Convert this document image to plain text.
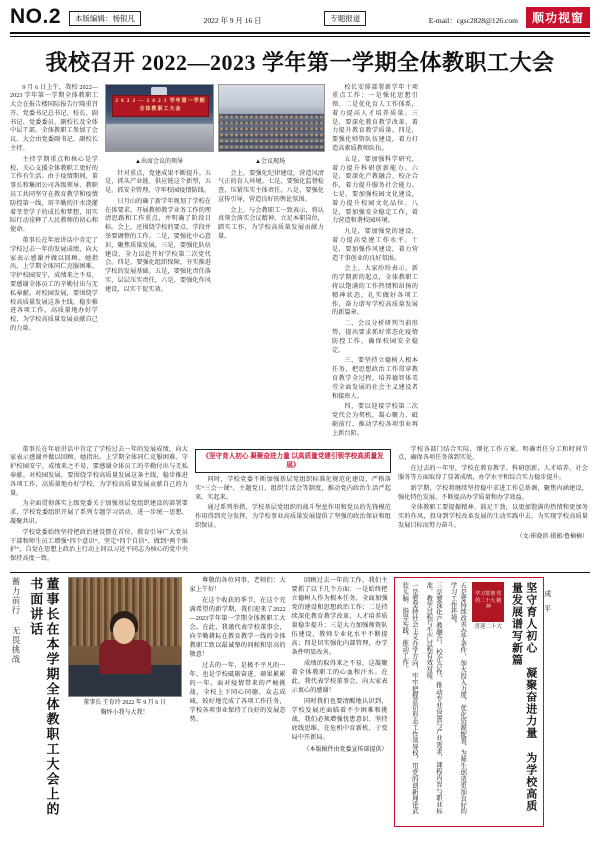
NO.2	本版编辑：杨银凡	2022 年 9 月 16 日	专题报道	E-mail：cgsc2828@126.com	顺功视窗
我校召开 2022—2023 学年第一学期全体教职工大会

9 月 6 日上午，我校 2022—2023 学年第一学期全体教职工大会在报告楼国际报告厅隆重召开。党委书记总书记、校长、副书记、党委委员、副校长及全体中层干部、全体教职工参加了会议。大会由党委副书记、副校长主持。

主持学期重点和核心是学校、关心支援全体教职工更好的工作有生活。由于疫情期间，董事长和集团公司各级领导、教职员工共同坚守在教育教学和疫情防控第一线，用辛勤的汗水浇灌着莘莘学子的成长和梦想，用实际行动诠释了人民教师的初心和使命。

董事长在年底讲话中肯定了学校过去一年的发展成绩，向大家表示感谢并做以回顾。她指出，上学期全体同仁克服困难、守护校园安宁，成绩来之不易，要感谢全体员工的辛勤付出与无私奉献。对校园发展，要围绕学校高质量发展这条主线，稳步推进各项工作，高质量地办好学校，为学校高质量发展贡献自己的力量。

2 0 2 2 — 2 0 2 3 学年第一学期
全体教职工大会
▲出席会议的领导	▲会议现场

针对重点，党建成果不断提升。五是，抓头产业链、供应链这个新型，五是，抓安全管理，守牢校园疫情防线。

日月山的确了新学年规划了学校在在体要求，开展教师教学业务工作的理清思路和工作重点，并明确了阶段目标。会上，还围绕学校的要点、学段并举要调整的工作。二是，要强化中心意识，聚焦质量发展，三是，要强化队伍建设，全力以赴开好学校第二次党代会。四是，要强化组织保障，夯实推进学校的发展基础。五是，要强化责任落实，层层压实责任，六是，要强化作风建设，以实干促实效。

会上，要强化纪律建设，营造风清气正的育人环境。七是，要强化监督检查，压紧压实主体责任。八是，要强化宣传引导，营造良好的舆论氛围。

会上，与会教职工一致表示，将认真领会落实会议精神，立足本职岗位，踏实工作，为学校高质量发展贡献力量。

校长安排部署新学年十项重点工作：一是强化思想引领、二是优化育人工作体系，着力提高人才培养质量。三是，要深化教育教学改革，着力提升教育教学质量。四是，要强化师资队伍建设，着力打造高素质教师队伍。

五是，要加强科学研究，着力提升科研创新能力。六是，要深化产教融合、校企合作，着力提升服务社会能力。七是，要加强校园文化建设，着力提升校园文化品位。八是，要加强安全稳定工作，着力营造和谐校园环境。

九是，要加强党的建设，着力提高党建工作水平。十是，要加强作风建设，着力营造干事创业的良好氛围。

会上，大家纷纷表示，新的学期新的起点，全体教职工将以饱满的工作热情和昂扬的精神状态，扎实做好各项工作，奋力谱写学校高质量发展的新篇章。

二、会议分析研判当前形势，提出要求抓好常态化疫情防控工作，确保校园安全稳定。

三、要坚持立德树人根本任务，把思想政治工作贯穿教育教学全过程，培养德智体美劳全面发展的社会主义建设者和接班人。

四、要以迎接学校第二次党代会为契机，凝心聚力、砥砺前行，推动学校各项事业再上新台阶。

董事长在年底讲话中肯定了学校过去一年的发展成绩，向大家表示感谢并做以回顾。她指出，上学期全体同仁克服困难、守护校园安宁，成绩来之不易，要感谢全体员工的辛勤付出与无私奉献。对校园发展，要围绕学校高质量发展这条主线，稳步推进各项工作，高质量地办好学校，为学校高质量发展贡献自己的力量。

为全面贯彻落实上级党委关于加强基层党组织建设的部署要求，学校党委组织开展了系列专题学习活动，进一步统一思想、凝聚共识。

学校党委始终坚持把政治建设摆在首位，教育引导广大党员干部和师生员工增强“四个意识”、坚定“四个自信”、做到“两个维护”，自觉在思想上政治上行动上同以习近平同志为核心的党中央保持高度一致。

《坚守育人初心 凝聚奋进力量 以高质量党建引领学校高质量发展》

同时，学校党委不断加强基层党组织标准化规范化建设，严格落实“三会一课”、主题党日、组织生活会等制度，推动党内政治生活严起来、实起来。

通过系列举措，学校基层党组织的战斗堡垒作用和党员的先锋模范作用得到充分发挥，为学校事业高质量发展提供了坚强的政治保证和组织保证。

学校各部门结合实际，细化工作方案，明确责任分工和时间节点，确保各项任务落到实处。

在过去的一年里，学校在教育教学、科研创新、人才培养、社会服务等方面取得了显著成绩，办学水平和综合实力稳步提升。

新学期，学校将继续坚持稳中求进工作总基调，聚焦内涵建设，强化特色发展，不断提高办学质量和办学效益。

全体教职工要提振精神、鼓足干劲，以更加饱满的热情和更加务实的作风，投身到学校改革发展的生动实践中去，为实现学校高质量发展目标而努力奋斗。

（文/崔晓滨·摄影/鲁楠楠）
蓄力前行 无畏挑战	董事长在本学期全体教职工大会上的书面讲话
董事长 王育玲 2022 年 9 月 6 日
胸怀小我与大我！

尊敬的各位同事、老师们：大家上午好！

在这个收获的季节，在这个充满希望的新学期，我们迎来了2022—2023学年第一学期全体教职工大会。在此，我谨代表学校董事会，向辛勤耕耘在教育教学一线的全体教职工致以最诚挚的问候和崇高的敬意！

过去的一年，是极不平凡的一年，也是学校砥砺奋进、硕果累累的一年。面对疫情带来的严峻挑战，全校上下同心同德、众志成城，较好地完成了各项工作任务，学校各项事业保持了良好的发展态势。

回顾过去一年的工作，我们主要抓了以下几个方面：一是始终把立德树人作为根本任务，全面加强党的建设和思想政治工作；二是持续深化教育教学改革，人才培养质量稳步提升；三是大力加强师资队伍建设，教师专业化水平不断提高；四是切实强化内部管理，办学条件明显改善。

成绩的取得来之不易，这凝聚着全体教职工的心血和汗水。在此，我代表学校董事会，向大家表示衷心的感谢！

同时我们也要清醒地认识到，学校发展还面临着不少困难和挑战，我们必须增强忧患意识、坚持底线思维，在危机中育新机、于变局中开新局。

（本版稿件由党委宣传部提供）	一是要坚持社会主义办学方向，牢牢把握意识形态工作领导权，用党的创新理论武装头脑、指导实践、推动工作。	三是要深化产教融合、校企合作，推动专业设置与产业需求、课程内容与职业标准、教学过程与生产过程有效对接。	五是要持续改善办学条件，加大投入力度，优化资源配置，为师生创造更加良好的学习工作环境。	学习贯彻 党的二十大 精神
喜迎二十大	坚守育人初心 凝聚奋进力量 为学校高质量发展谱写新篇	成 平
